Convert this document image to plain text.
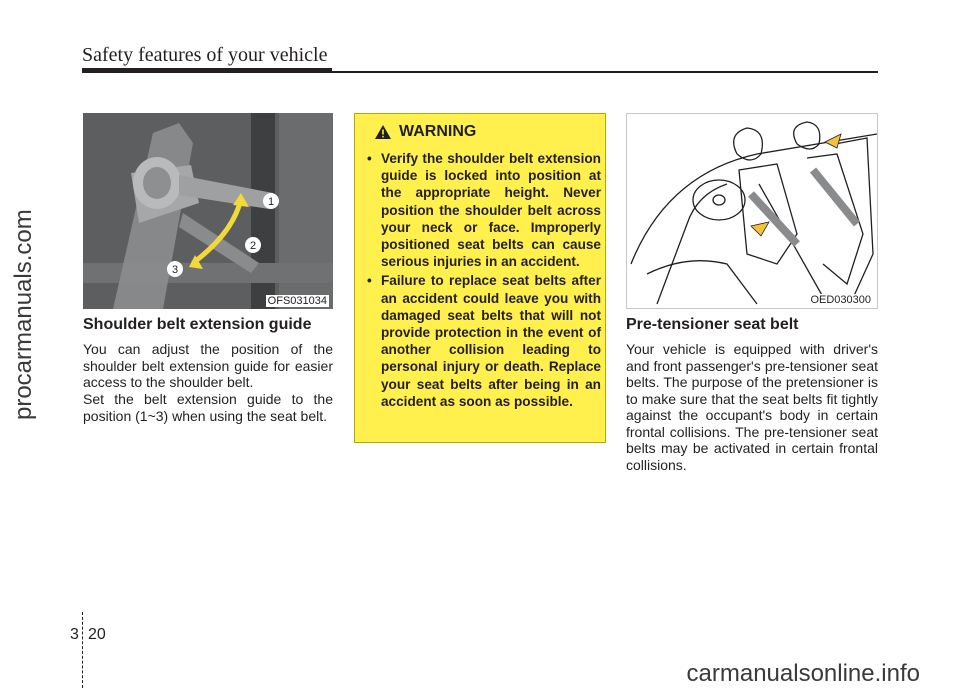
Safety features of your vehicle
procarmanuals.com
1
2
3
OFS031034
Shoulder belt extension guide

You can adjust the position of the shoulder belt extension guide for easier access to the shoulder belt.

Set the belt extension guide to the position (1~3) when using the seat belt.

WARNING
• Verify the shoulder belt extension guide is locked into position at the appropriate height. Never position the shoulder belt across your neck or face. Improperly positioned seat belts can cause serious injuries in an accident.
• Failure to replace seat belts after an accident could leave you with damaged seat belts that will not provide protection in the event of another collision leading to personal injury or death. Replace your seat belts after being in an accident as soon as possible.
OED030300
Pre-tensioner seat belt

Your vehicle is equipped with driver's and front passenger's pre-tensioner seat belts. The purpose of the pretensioner is to make sure that the seat belts fit tightly against the occupant's body in certain frontal collisions. The pre-tensioner seat belts may be activated in certain frontal collisions.

3 20
carmanualsonline.info
